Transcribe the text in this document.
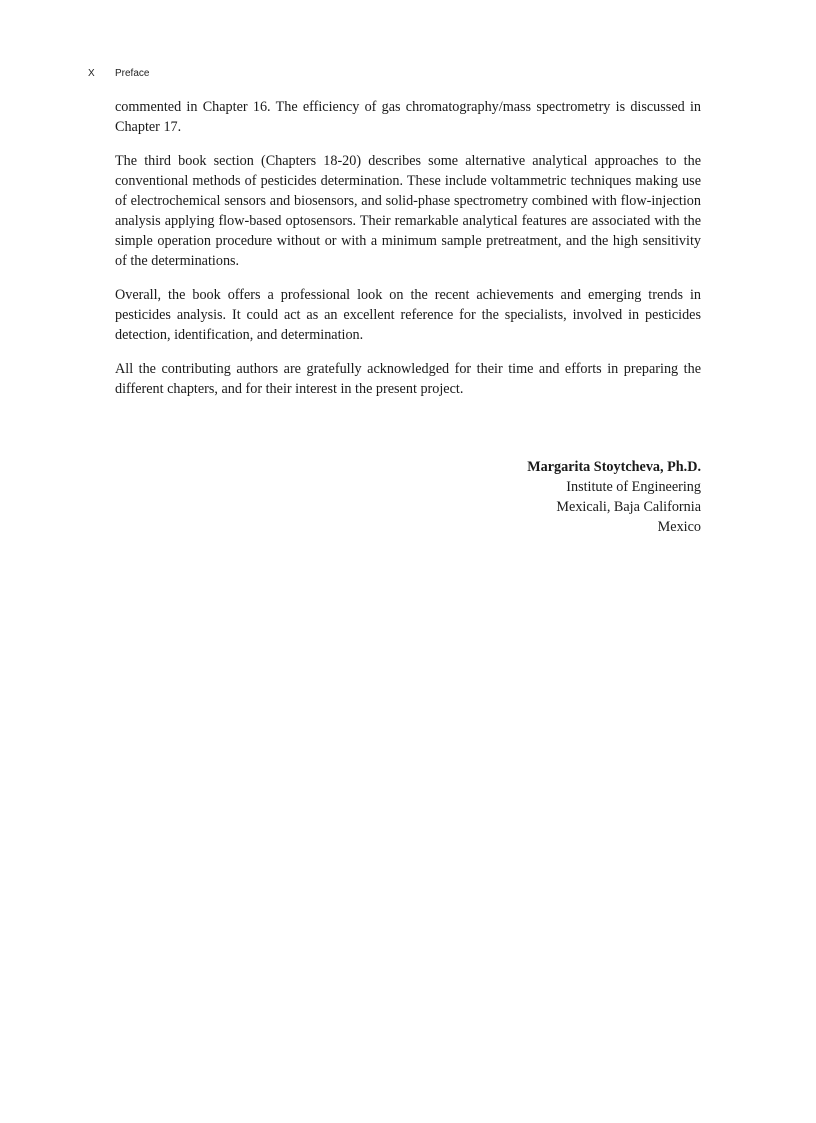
X	Preface

commented in Chapter 16. The efficiency of gas chromatography/mass spectrometry is discussed in Chapter 17.

The third book section (Chapters 18-20) describes some alternative analytical approaches to the conventional methods of pesticides determination. These include voltammetric techniques making use of electrochemical sensors and biosensors, and solid-phase spectrometry combined with flow-injection analysis applying flow-based optosensors. Their remarkable analytical features are associated with the simple operation procedure without or with a minimum sample pretreatment, and the high sensitivity of the determinations.

Overall, the book offers a professional look on the recent achievements and emerging trends in pesticides analysis. It could act as an excellent reference for the specialists, involved in pesticides detection, identification, and determination.

All the contributing authors are gratefully acknowledged for their time and efforts in preparing the different chapters, and for their interest in the present project.

Margarita Stoytcheva, Ph.D.
Institute of Engineering
Mexicali, Baja California
Mexico
